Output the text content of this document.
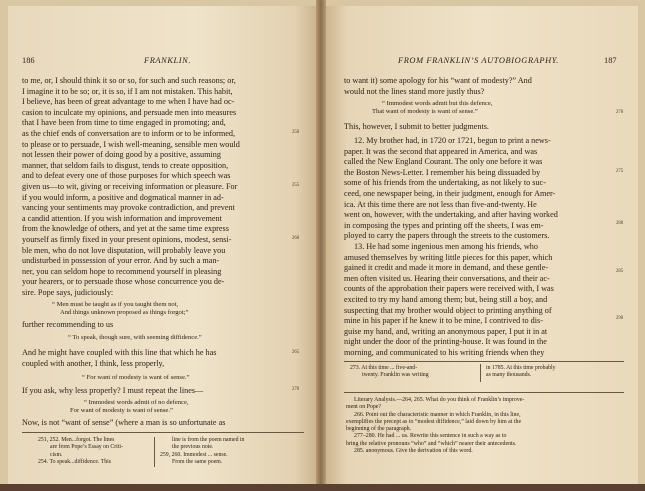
186	FRANKLIN.

to me, or, I should think it so or so, for such and such reasons; or,

I imagine it to be so; or, it is so, if I am not mistaken. This habit,

I believe, has been of great advantage to me when I have had oc-

casion to inculcate my opinions, and persuade men into measures

that I have been from time to time engaged in promoting; and,

as the chief ends of conversation are to inform or to be informed,

to please or to persuade, I wish well-meaning, sensible men would

not lessen their power of doing good by a positive, assuming

manner, that seldom fails to disgust, tends to create opposition,

and to defeat every one of those purposes for which speech was

given us—to wit, giving or receiving information or pleasure. For

if you would inform, a positive and dogmatical manner in ad-

vancing your sentiments may provoke contradiction, and prevent

a candid attention. If you wish information and improvement

from the knowledge of others, and yet at the same time express

yourself as firmly fixed in your present opinions, modest, sensi-

ble men, who do not love disputation, will probably leave you

undisturbed in possession of your error. And by such a man-

ner, you can seldom hope to recommend yourself in pleasing

your hearers, or to persuade those whose concurrence you de-

sire. Pope says, judiciously:

“ Men must be taught as if you taught them not,

And things unknown proposed as things forgot;”

further recommending to us
“ To speak, though sure, with seeming diffidence.”

And he might have coupled with this line that which he has

coupled with another, I think, less properly,

“ For want of modesty is want of sense.”
If you ask, why less properly? I must repeat the lines—

“ Immodest words admit of no defence,

For want of modesty is want of sense.”

Now, is not “want of sense” (where a man is so unfortunate as
250
255
260
265
270
251, 252. Men...forgot. The lines
are from Pope’s Essay on Criti-
cism.
254. To speak...diffidence. This
line is from the poem named in
the previous note.
259, 260. Immodest ... sense.
From the same poem.
FROM FRANKLIN’S AUTOBIOGRAPHY.	187

to want it) some apology for his “want of modesty?” And

would not the lines stand more justly thus?

“ Immodest words admit but this defence,

That want of modesty is want of sense.”

This, however, I submit to better judgments.

12. My brother had, in 1720 or 1721, begun to print a news-

paper. It was the second that appeared in America, and was

called the New England Courant. The only one before it was

the Boston News-Letter. I remember his being dissuaded by

some of his friends from the undertaking, as not likely to suc-

ceed, one newspaper being, in their judgment, enough for Amer-

ica. At this time there are not less than five-and-twenty. He

went on, however, with the undertaking, and after having worked

in composing the types and printing off the sheets, I was em-

ployed to carry the papers through the streets to the customers.

13. He had some ingenious men among his friends, who

amused themselves by writing little pieces for this paper, which

gained it credit and made it more in demand, and these gentle-

men often visited us. Hearing their conversations, and their ac-

counts of the approbation their papers were received with, I was

excited to try my hand among them; but, being still a boy, and

suspecting that my brother would object to printing anything of

mine in his paper if he knew it to be mine, I contrived to dis-

guise my hand, and, writing an anonymous paper, I put it in at

night under the door of the printing-house. It was found in the

morning, and communicated to his writing friends when they

270
275
280
285
290
273. At this time ... five-and-
twenty. Franklin was writing
in 1785. At this time probably
as many thousands.
Literary Analysis.—264, 265. What do you think of Franklin’s improve-
ment on Pope?
266. Point out the characteristic manner in which Franklin, in this line,
exemplifies the precept as to “modest diffidence,” laid down by him at the
beginning of the paragraph.
277–280. He had ... us. Rewrite this sentence in such a way as to
bring the relative pronouns “who” and “which” nearer their antecedents.
285. anonymous. Give the derivation of this word.
